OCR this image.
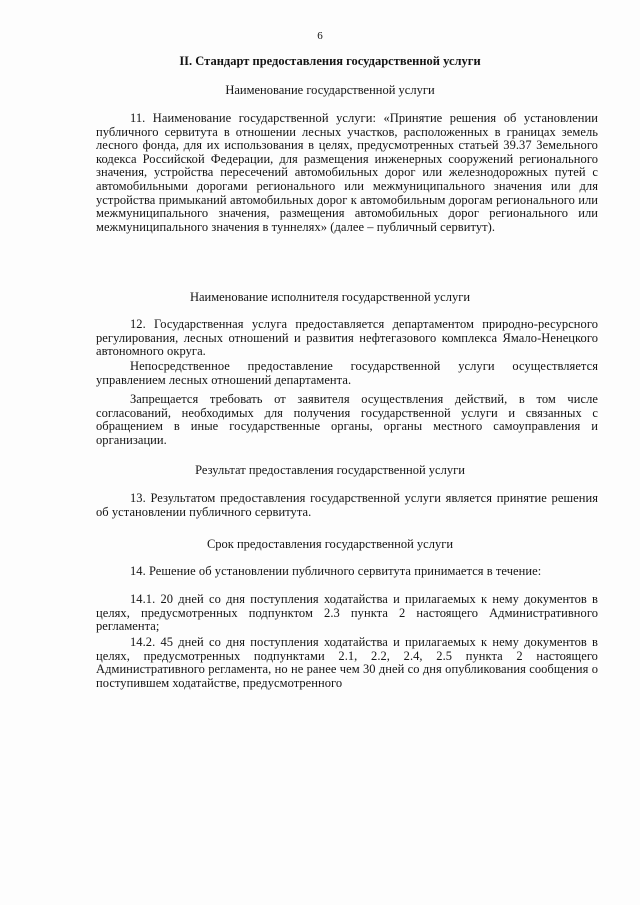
6
II. Стандарт предоставления государственной услуги
Наименование государственной услуги

11. Наименование государственной услуги: «Принятие решения об установлении публичного сервитута в отношении лесных участков, расположенных в границах земель лесного фонда, для их использования в целях, предусмотренных статьей 39.37 Земельного кодекса Российской Федерации, для размещения инженерных сооружений регионального значения, устройства пересечений автомобильных дорог или железнодорожных путей с автомобильными дорогами регионального или межмуниципального значения или для устройства примыканий автомобильных дорог к автомобильным дорогам регионального или межмуниципального значения, размещения автомобильных дорог регионального или межмуниципального значения в туннелях» (далее – публичный сервитут).

Наименование исполнителя государственной услуги

12. Государственная услуга предоставляется департаментом природно-ресурсного регулирования, лесных отношений и развития нефтегазового комплекса Ямало-Ненецкого автономного округа.

Непосредственное предоставление государственной услуги осуществляется управлением лесных отношений департамента.

Запрещается требовать от заявителя осуществления действий, в том числе согласований, необходимых для получения государственной услуги и связанных с обращением в иные государственные органы, органы местного самоуправления и организации.

Результат предоставления государственной услуги

13. Результатом предоставления государственной услуги является принятие решения об установлении публичного сервитута.

Срок предоставления государственной услуги

14. Решение об установлении публичного сервитута принимается в течение:

14.1. 20 дней со дня поступления ходатайства и прилагаемых к нему документов в целях, предусмотренных подпунктом 2.3 пункта 2 настоящего Административного регламента;

14.2. 45 дней со дня поступления ходатайства и прилагаемых к нему документов в целях, предусмотренных подпунктами 2.1, 2.2, 2.4, 2.5 пункта 2 настоящего Административного регламента, но не ранее чем 30 дней со дня опубликования сообщения о поступившем ходатайстве, предусмотренного
